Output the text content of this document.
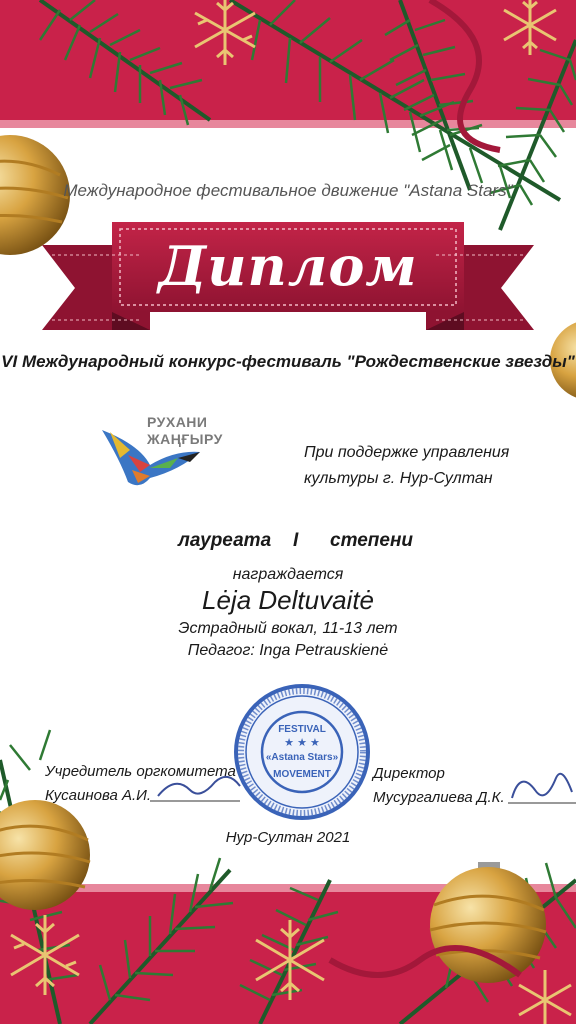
FESTIVAL
★ ★ ★
«Astana Stars»
MOVEMENT
Международное фестивальное движение "Astana Stars"
Диплом
VI Международный конкурс-фестиваль "Рождественские звезды"
РУХАНИ
ЖАҢҒЫРУ
При поддержке управления культуры г. Нур-Султан
лауреата I степени
награждается
Lėja Deltuvaitė
Эстрадный вокал, 11-13 лет
Педагог: Inga Petrauskienė
Учредитель оргкомитета
Кусаинова А.И.
Директор
Мусургалиева Д.К.
Нур-Султан 2021
